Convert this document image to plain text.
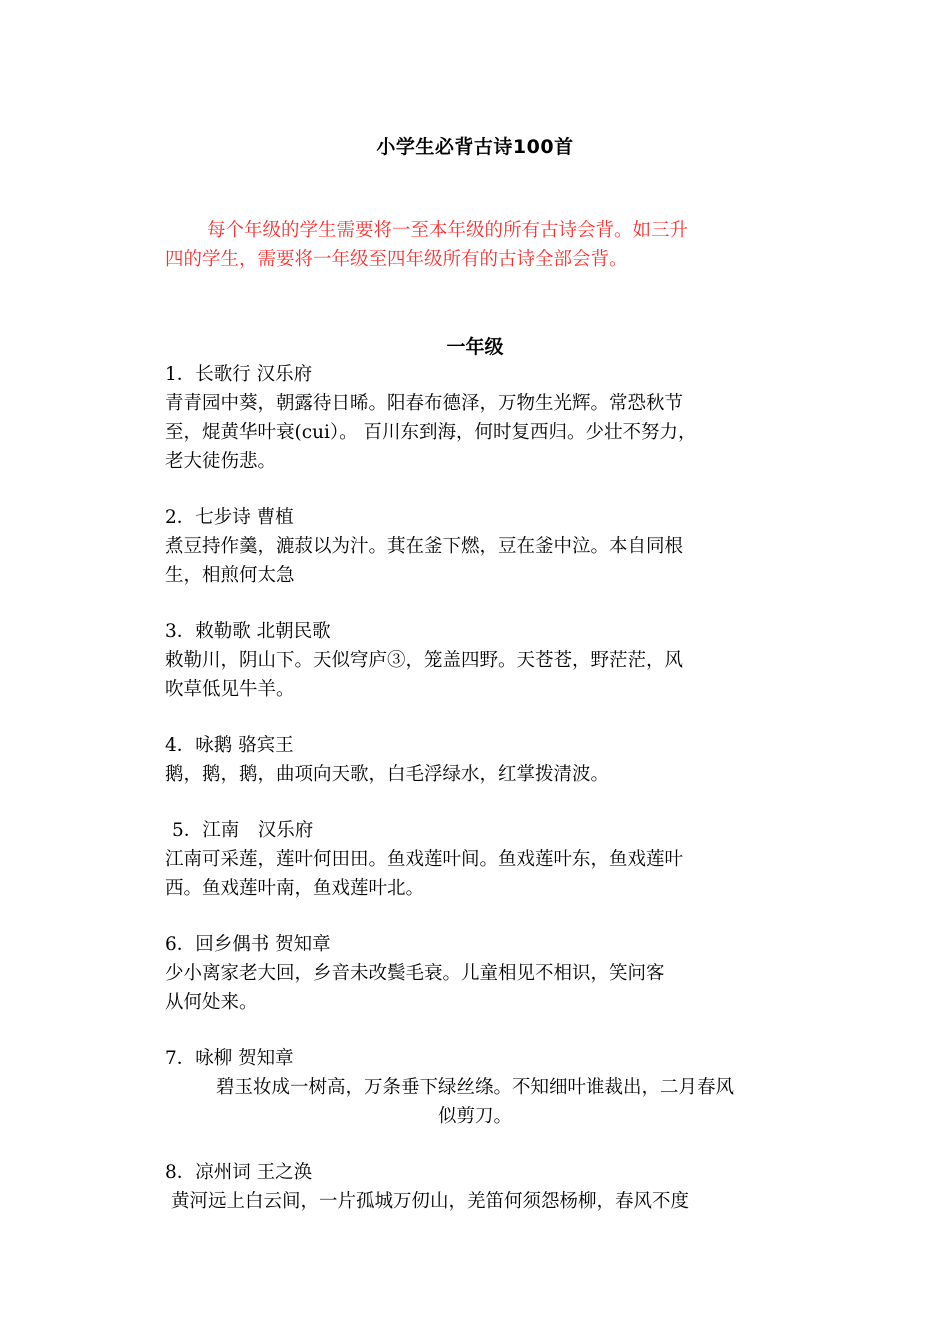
小学生必背古诗100首
每个年级的学生需要将一至本年级的所有古诗会背。如三升
四的学生，需要将一年级至四年级所有的古诗全部会背。
一年级
1．长歌行 汉乐府
青青园中葵，朝露待日晞。阳春布德泽，万物生光辉。常恐秋节
至，焜黄华叶衰(cui）。 百川东到海，何时复西归。少壮不努力，
老大徒伤悲。
2．七步诗 曹植
煮豆持作羹，漉菽以为汁。萁在釜下燃，豆在釜中泣。本自同根
生，相煎何太急
3．敕勒歌 北朝民歌
敕勒川，阴山下。天似穹庐③，笼盖四野。天苍苍，野茫茫，风
吹草低见牛羊。
4．咏鹅 骆宾王
鹅，鹅，鹅，曲项向天歌，白毛浮绿水，红掌拨清波。
5．江南　汉乐府
江南可采莲，莲叶何田田。鱼戏莲叶间。鱼戏莲叶东，鱼戏莲叶
西。鱼戏莲叶南，鱼戏莲叶北。
6．回乡偶书 贺知章
少小离家老大回，乡音未改鬓毛衰。儿童相见不相识，笑问客
从何处来。
7．咏柳 贺知章
碧玉妆成一树高，万条垂下绿丝绦。不知细叶谁裁出，二月春风
似剪刀。
8．凉州词 王之涣
黄河远上白云间，一片孤城万仞山，羌笛何须怨杨柳，春风不度
